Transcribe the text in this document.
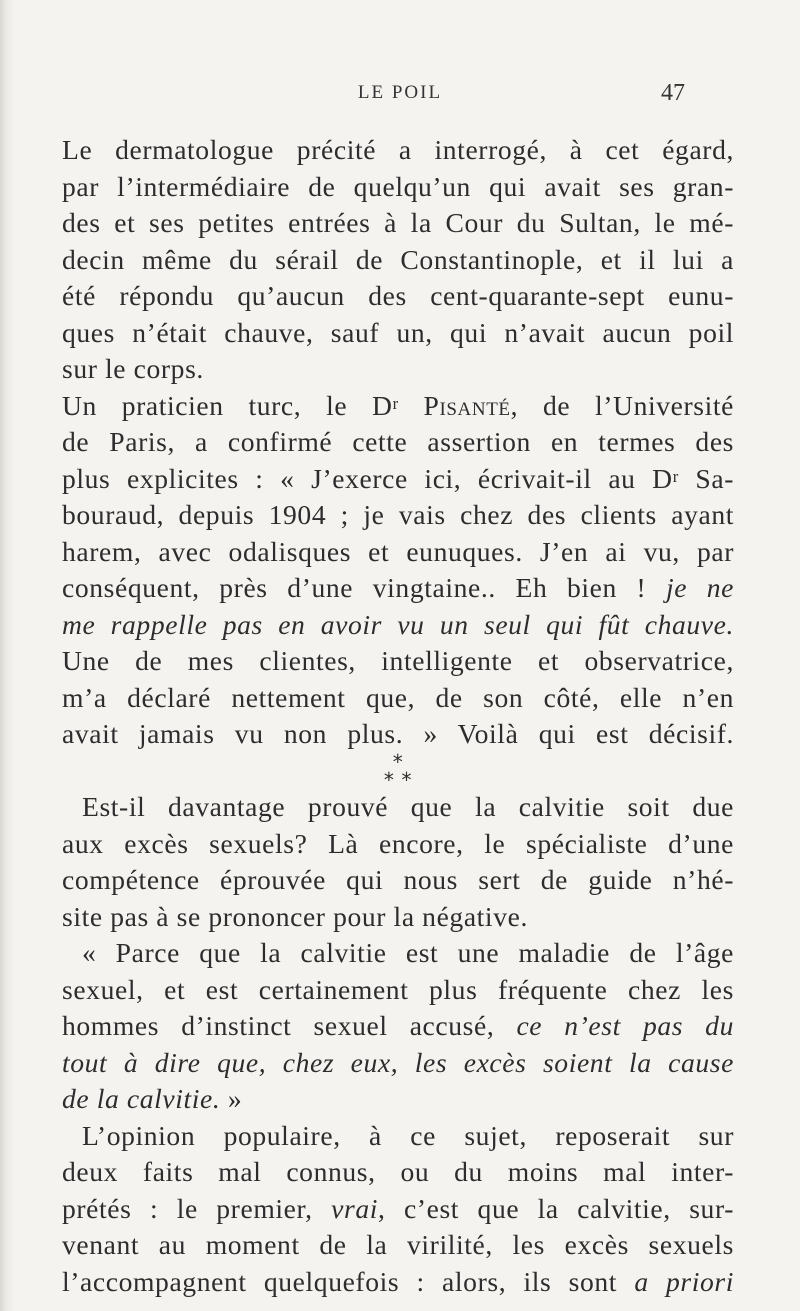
LE POIL	47
Le dermatologue précité a interrogé, à cet égard,
par l’intermédiaire de quelqu’un qui avait ses gran-
des et ses petites entrées à la Cour du Sultan, le mé-
decin même du sérail de Constantinople, et il lui a
été répondu qu’aucun des cent-quarante-sept eunu-
ques n’était chauve, sauf un, qui n’avait aucun poil
sur le corps.
Un praticien turc, le $D^r$ Pisanté, de l’Université
de Paris, a confirmé cette assertion en termes des
plus explicites : « J’exerce ici, écrivait-il au $D^r$ Sa-
bouraud, depuis 1904 ; je vais chez des clients ayant
harem, avec odalisques et eunuques. J’en ai vu, par
conséquent, près d’une vingtaine.. Eh bien ! je ne
me rappelle pas en avoir vu un seul qui fût chauve.
Une de mes clientes, intelligente et observatrice,
m’a déclaré nettement que, de son côté, elle n’en
avait jamais vu non plus. » Voilà qui est décisif.
*
* *
Est-il davantage prouvé que la calvitie soit due
aux excès sexuels? Là encore, le spécialiste d’une
compétence éprouvée qui nous sert de guide n’hé-
site pas à se prononcer pour la négative.
« Parce que la calvitie est une maladie de l’âge
sexuel, et est certainement plus fréquente chez les
hommes d’instinct sexuel accusé, ce n’est pas du
tout à dire que, chez eux, les excès soient la cause
de la calvitie. »
L’opinion populaire, à ce sujet, reposerait sur
deux faits mal connus, ou du moins mal inter-
prétés : le premier, vrai, c’est que la calvitie, sur-
venant au moment de la virilité, les excès sexuels
l’accompagnent quelquefois : alors, ils sont a priori
